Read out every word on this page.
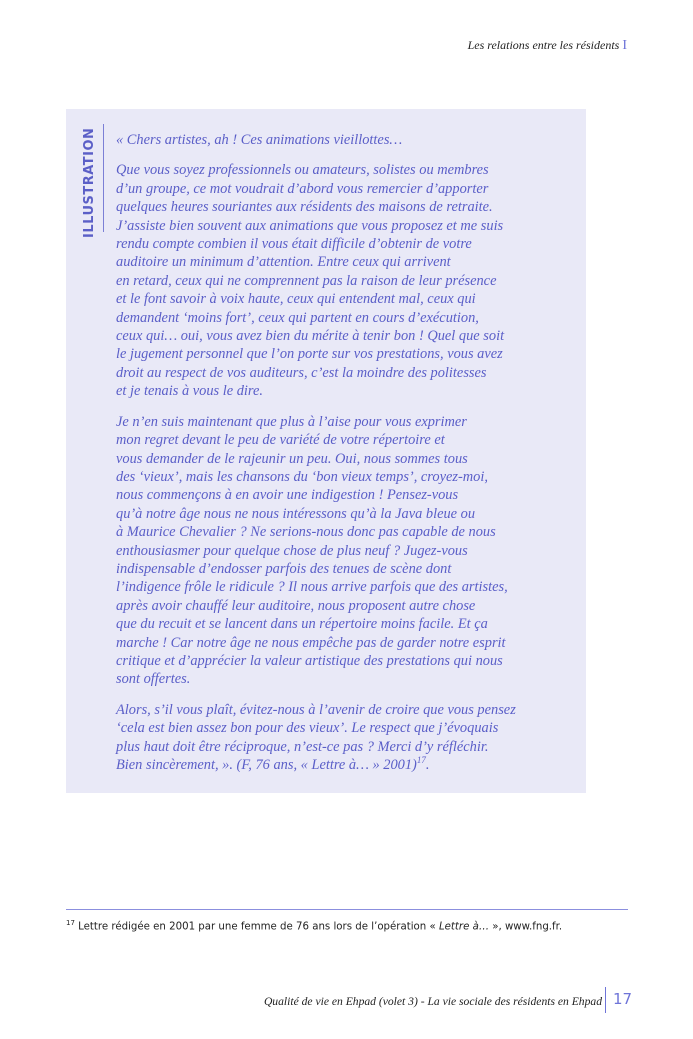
Les relations entre les résidents I
ILLUSTRATION	« Chers artistes, ah ! Ces animations vieillottes…

Que vous soyez professionnels ou amateurs, solistes ou membres
d’un groupe, ce mot voudrait d’abord vous remercier d’apporter
quelques heures souriantes aux résidents des maisons de retraite.
J’assiste bien souvent aux animations que vous proposez et me suis
rendu compte combien il vous était difficile d’obtenir de votre
auditoire un minimum d’attention. Entre ceux qui arrivent
en retard, ceux qui ne comprennent pas la raison de leur présence
et le font savoir à voix haute, ceux qui entendent mal, ceux qui
demandent ‘moins fort’, ceux qui partent en cours d’exécution,
ceux qui… oui, vous avez bien du mérite à tenir bon ! Quel que soit
le jugement personnel que l’on porte sur vos prestations, vous avez
droit au respect de vos auditeurs, c’est la moindre des politesses
et je tenais à vous le dire.

Je n’en suis maintenant que plus à l’aise pour vous exprimer
mon regret devant le peu de variété de votre répertoire et
vous demander de le rajeunir un peu. Oui, nous sommes tous
des ‘vieux’, mais les chansons du ‘bon vieux temps’, croyez-moi,
nous commençons à en avoir une indigestion ! Pensez-vous
qu’à notre âge nous ne nous intéressons qu’à la Java bleue ou
à Maurice Chevalier ? Ne serions-nous donc pas capable de nous
enthousiasmer pour quelque chose de plus neuf ? Jugez-vous
indispensable d’endosser parfois des tenues de scène dont
l’indigence frôle le ridicule ? Il nous arrive parfois que des artistes,
après avoir chauffé leur auditoire, nous proposent autre chose
que du recuit et se lancent dans un répertoire moins facile. Et ça
marche ! Car notre âge ne nous empêche pas de garder notre esprit
critique et d’apprécier la valeur artistique des prestations qui nous
sont offertes.

Alors, s’il vous plaît, évitez-nous à l’avenir de croire que vous pensez
‘cela est bien assez bon pour des vieux’. Le respect que j’évoquais
plus haut doit être réciproque, n’est-ce pas ? Merci d’y réfléchir.

Bien sincèrement, ». (F, 76 ans, « Lettre à… » 2001)$^{17}$.

$^{17}$ Lettre rédigée en 2001 par une femme de 76 ans lors de l’opération « Lettre à… », www.fng.fr.
Qualité de vie en Ehpad (volet 3) - La vie sociale des résidents en Ehpad 17
